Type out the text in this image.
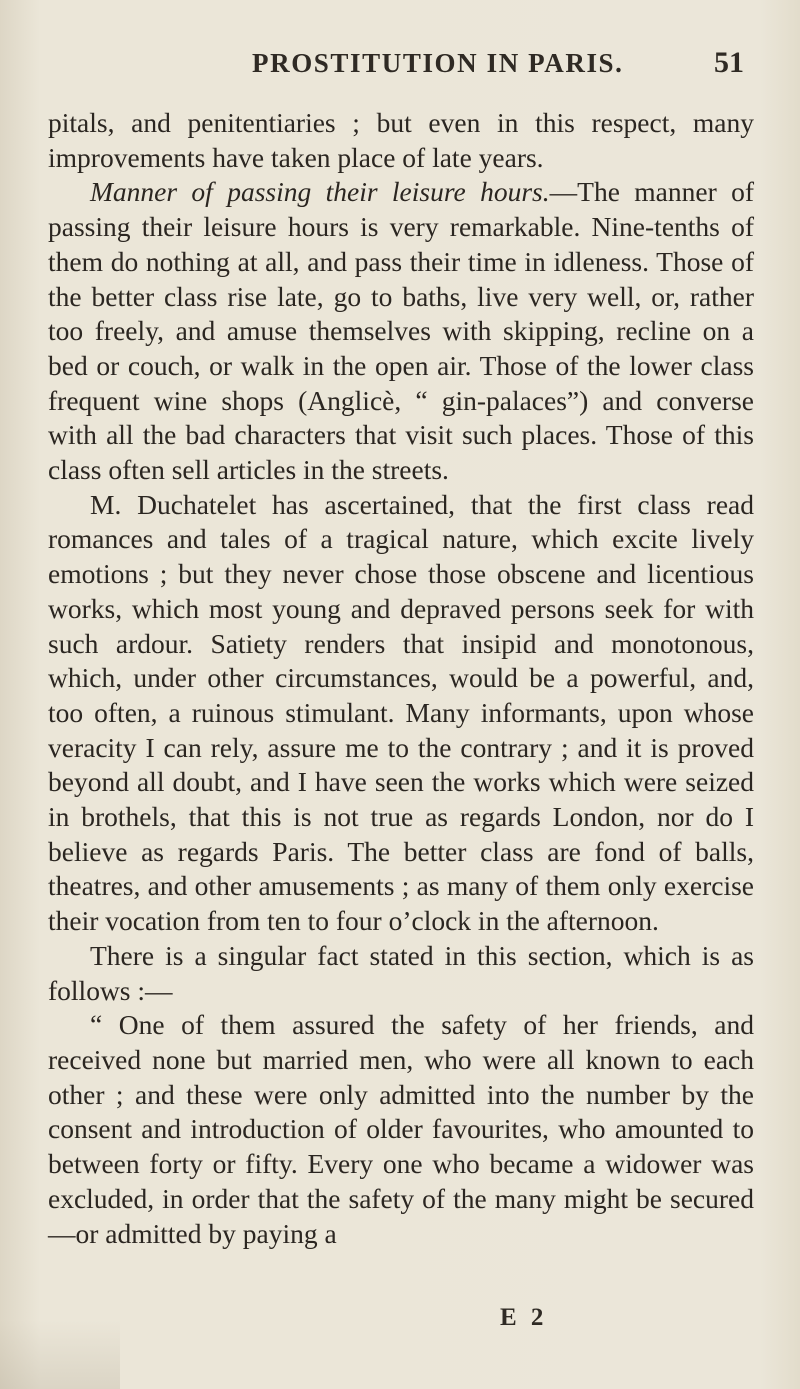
PROSTITUTION IN PARIS.	51

pitals, and penitentiaries ; but even in this respect, many improvements have taken place of late years.

Manner of passing their leisure hours.—The manner of passing their leisure hours is very remarkable. Nine-tenths of them do nothing at all, and pass their time in idleness. Those of the better class rise late, go to baths, live very well, or, rather too freely, and amuse themselves with skipping, recline on a bed or couch, or walk in the open air. Those of the lower class frequent wine shops (Anglicè, “ gin-palaces”) and converse with all the bad characters that visit such places. Those of this class often sell articles in the streets.

M. Duchatelet has ascertained, that the first class read romances and tales of a tragical nature, which excite lively emotions ; but they never chose those obscene and licentious works, which most young and depraved persons seek for with such ardour. Satiety renders that insipid and monotonous, which, under other circumstances, would be a powerful, and, too often, a ruinous stimulant. Many informants, upon whose veracity I can rely, assure me to the contrary ; and it is proved beyond all doubt, and I have seen the works which were seized in brothels, that this is not true as regards London, nor do I believe as regards Paris. The better class are fond of balls, theatres, and other amusements ; as many of them only exercise their vocation from ten to four o’clock in the afternoon.

There is a singular fact stated in this section, which is as follows :—

“ One of them assured the safety of her friends, and received none but married men, who were all known to each other ; and these were only admitted into the number by the consent and introduction of older favourites, who amounted to between forty or fifty. Every one who became a widower was excluded, in order that the safety of the many might be secured—or admitted by paying a

E 2
